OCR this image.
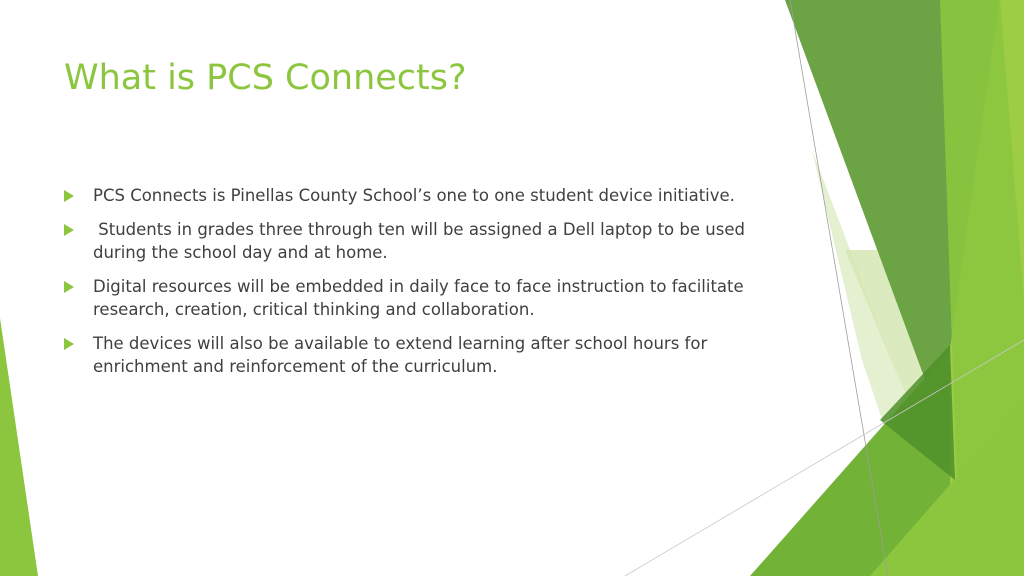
What is PCS Connects?
PCS Connects is Pinellas County School’s one to one student device initiative.
Students in grades three through ten will be assigned a Dell laptop to be used during the school day and at home.
Digital resources will be embedded in daily face to face instruction to facilitate research, creation, critical thinking and collaboration.
The devices will also be available to extend learning after school hours for enrichment and reinforcement of the curriculum.
